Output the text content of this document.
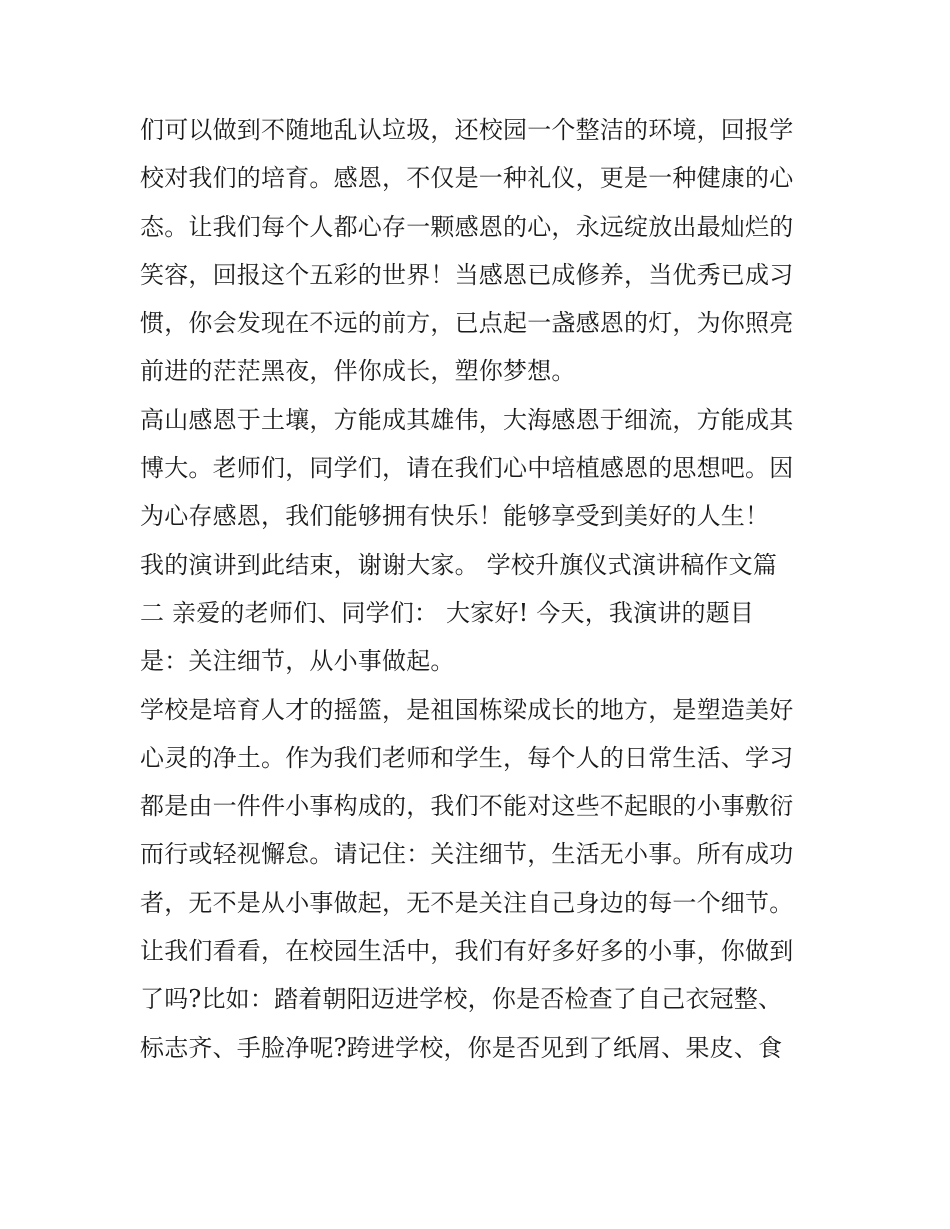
们可以做到不随地乱认垃圾，还校园一个整洁的环境，回报学
校对我们的培育。感恩，不仅是一种礼仪，更是一种健康的心
态。让我们每个人都心存一颗感恩的心，永远绽放出最灿烂的
笑容，回报这个五彩的世界！当感恩已成修养，当优秀已成习
惯，你会发现在不远的前方，已点起一盏感恩的灯，为你照亮
前进的茫茫黑夜，伴你成长，塑你梦想。
高山感恩于土壤，方能成其雄伟，大海感恩于细流，方能成其
博大。老师们，同学们，请在我们心中培植感恩的思想吧。因
为心存感恩，我们能够拥有快乐！能够享受到美好的人生！
我的演讲到此结束，谢谢大家。 学校升旗仪式演讲稿作文篇
二 亲爱的老师们、同学们： 大家好! 今天，我演讲的题目
是：关注细节，从小事做起。
学校是培育人才的摇篮，是祖国栋梁成长的地方，是塑造美好
心灵的净土。作为我们老师和学生，每个人的日常生活、学习
都是由一件件小事构成的，我们不能对这些不起眼的小事敷衍
而行或轻视懈怠。请记住：关注细节，生活无小事。所有成功
者，无不是从小事做起，无不是关注自己身边的每一个细节。
让我们看看，在校园生活中，我们有好多好多的小事，你做到
了吗?比如：踏着朝阳迈进学校，你是否检查了自己衣冠整、
标志齐、手脸净呢?跨进学校，你是否见到了纸屑、果皮、食
